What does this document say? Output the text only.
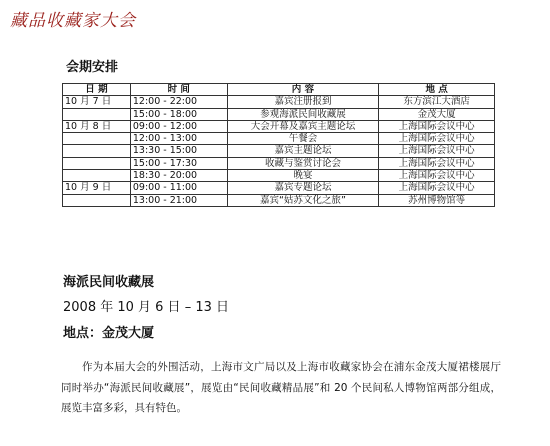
藏品收藏家大会
会期安排
日 期	时 间	内 容	地 点
10 月 7 日	12:00 - 22:00	嘉宾注册报到	东方滨江大酒店
	15:00 - 18:00	参观海派民间收藏展	金茂大厦
10 月 8 日	09:00 - 12:00	大会开幕及嘉宾主题论坛	上海国际会议中心
	12:00 - 13:00	午餐会	上海国际会议中心
	13:30 - 15:00	嘉宾主题论坛	上海国际会议中心
	15:00 - 17:30	收藏与鉴赏讨论会	上海国际会议中心
	18:30 - 20:00	晚宴	上海国际会议中心
10 月 9 日	09:00 - 11:00	嘉宾专题论坛	上海国际会议中心
	13:00 - 21:00	嘉宾“姑苏文化之旅”	苏州博物馆等
海派民间收藏展
2008 年 10 月 6 日 – 13 日
地点：金茂大厦
作为本届大会的外围活动，上海市文广局以及上海市收藏家协会在浦东金茂大厦裙楼展厅同时举办“海派民间收藏展”，展览由“民间收藏精品展”和 20 个民间私人博物馆两部分组成，展览丰富多彩，具有特色。
